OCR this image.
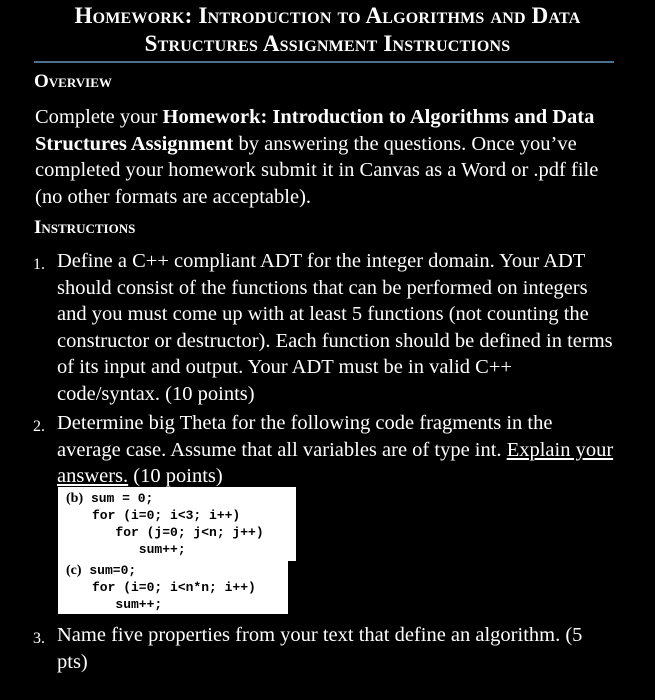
Homework: Introduction to Algorithms and Data
Structures Assignment Instructions
Overview
Complete your Homework: Introduction to Algorithms and Data Structures Assignment by answering the questions. Once you’ve completed your homework submit it in Canvas as a Word or .pdf file (no other formats are acceptable).
Instructions
1. Define a C++ compliant ADT for the integer domain. Your ADT should consist of the functions that can be performed on integers and you must come up with at least 5 functions (not counting the constructor or destructor). Each function should be defined in terms of its input and output. Your ADT must be in valid C++ code/syntax. (10 points)
2. Determine big Theta for the following code fragments in the average case. Assume that all variables are of type int. Explain your answers. (10 points)
(b) sum = 0;

for (i=0; i<3; i++)
for (j=0; j<n; j++)
sum++;
(c) sum=0;

for (i=0; i<n*n; i++)
sum++;
3. Name five properties from your text that define an algorithm. (5 pts)
